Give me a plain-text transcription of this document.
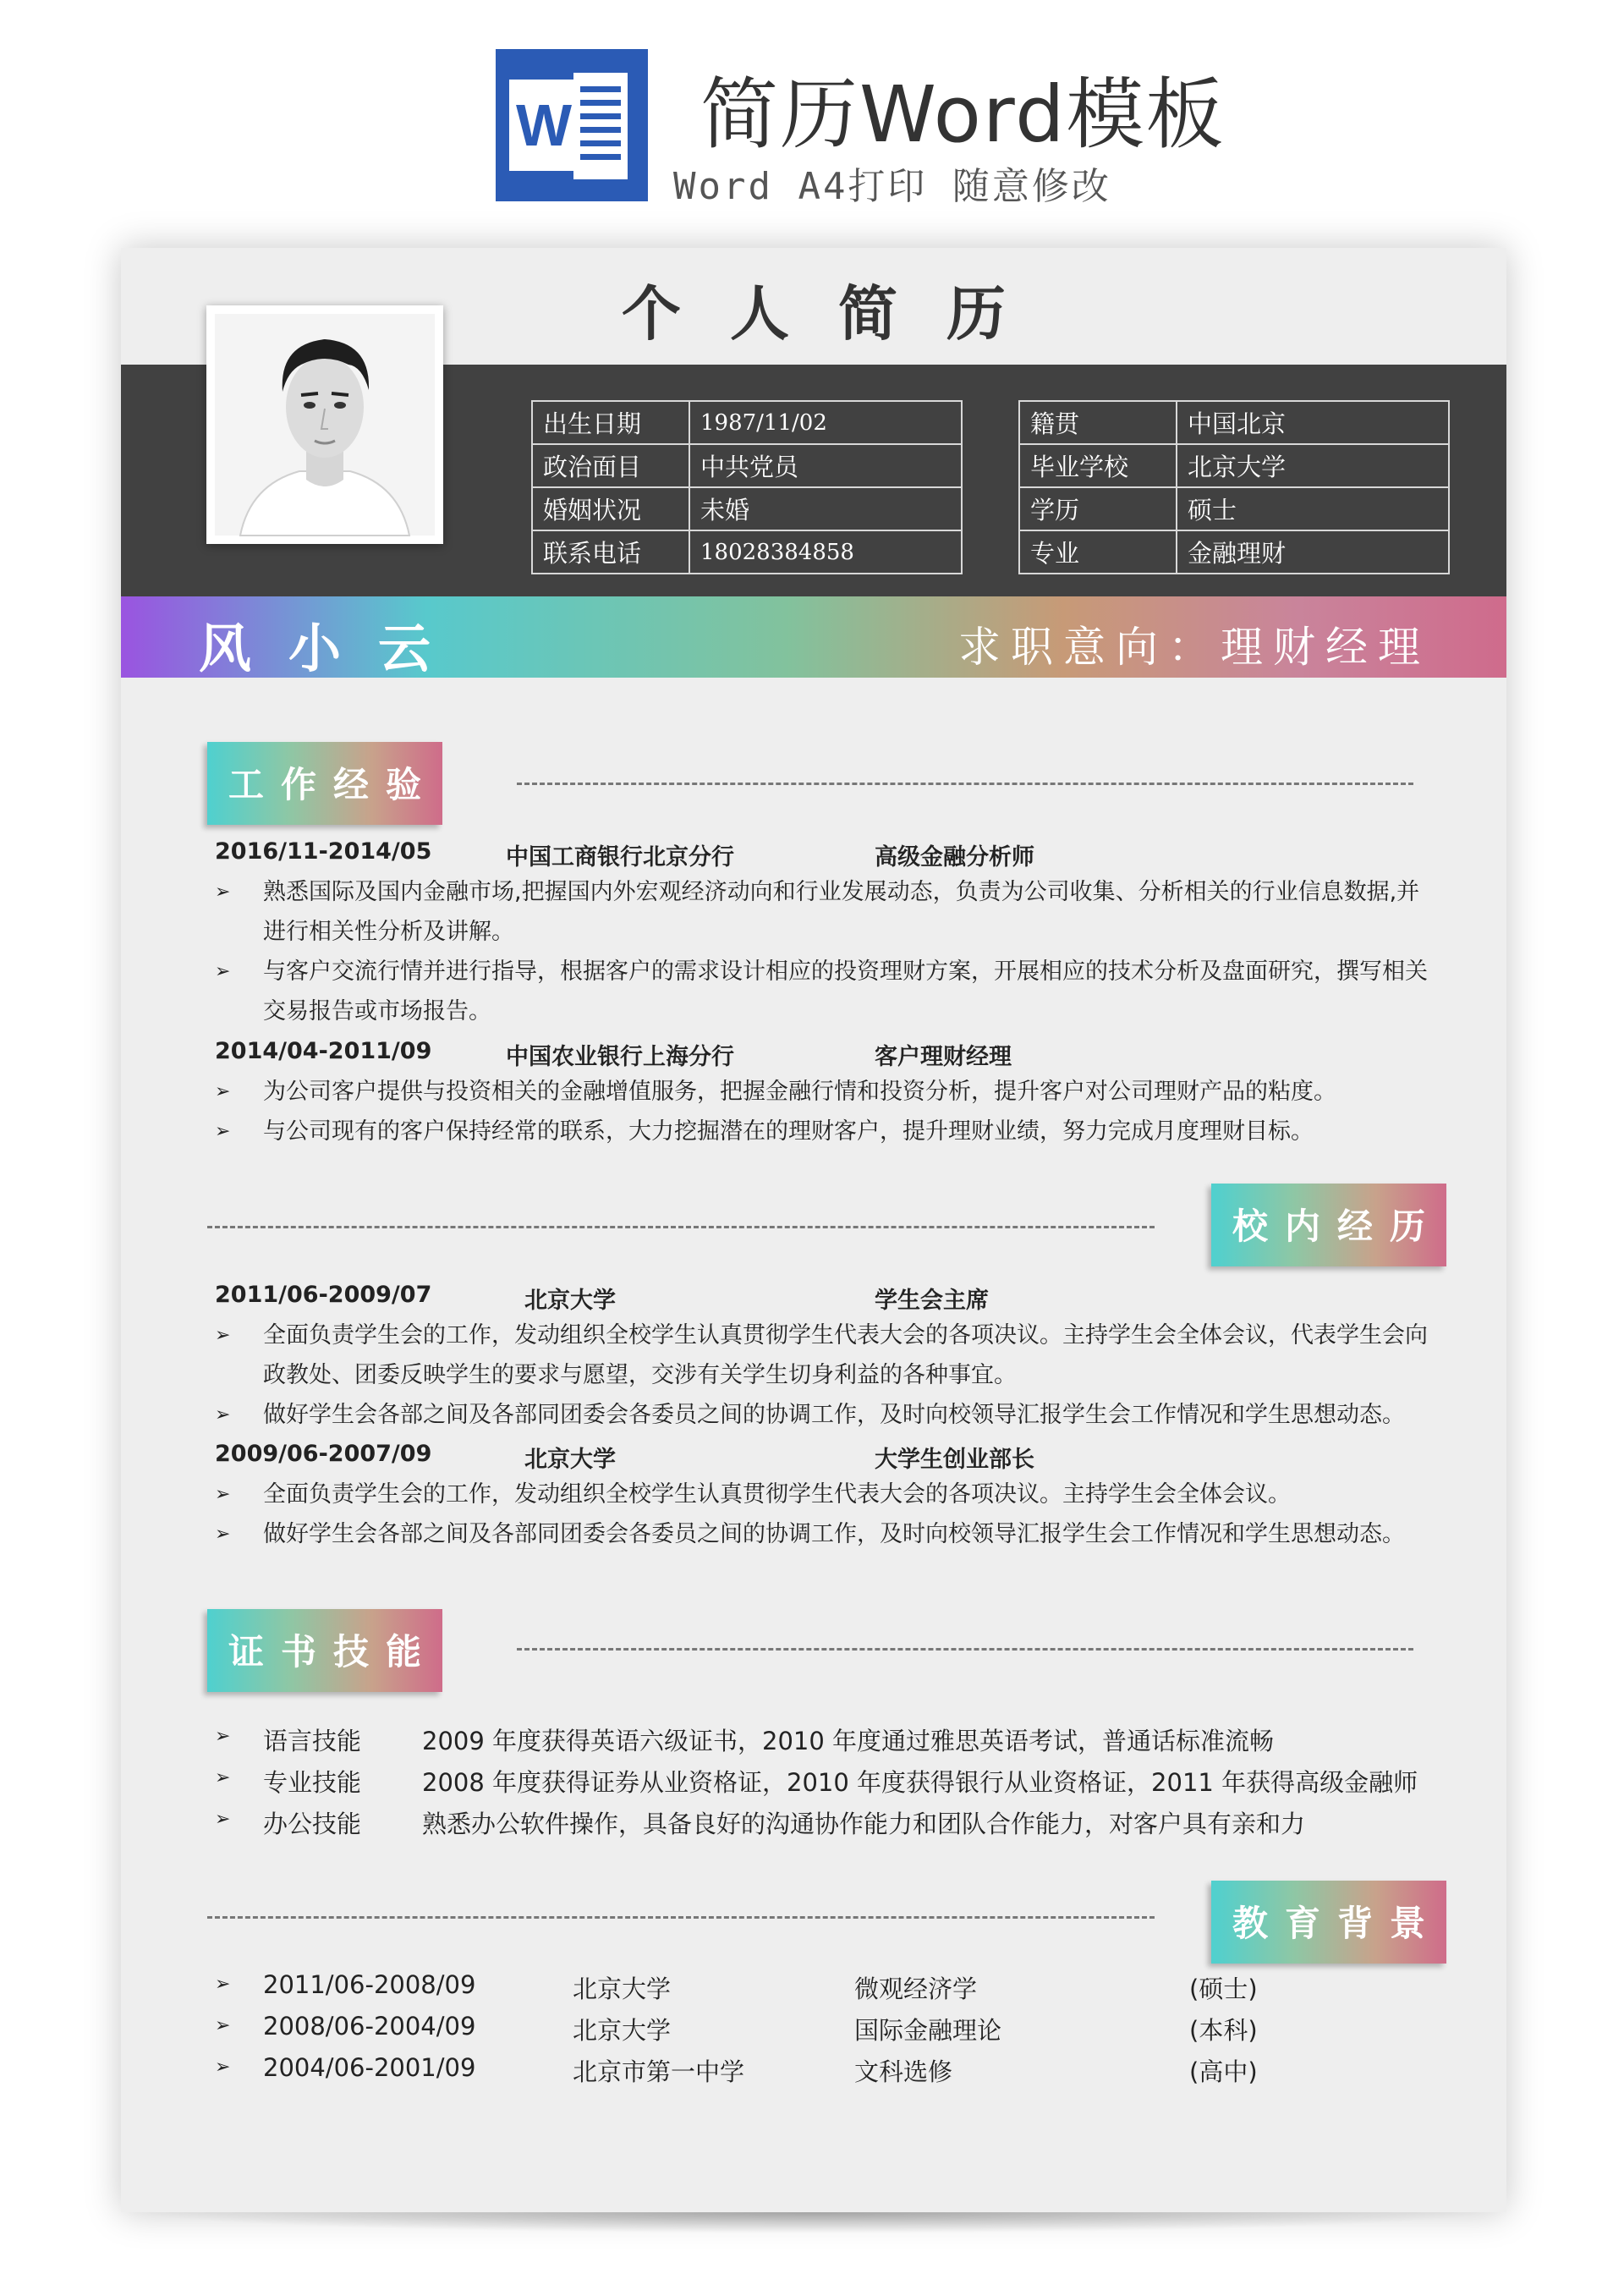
W 简历Word模板
Word A4打印 随意修改
个人简历
出生日期	1987/11/02
政治面目	中共党员
婚姻状况	未婚
联系电话	18028384858
籍贯	中国北京
毕业学校	北京大学
学历	硕士
专业	金融理财
风小云	求职意向：理财经理
工作经验
2016/11-2014/05	中国工商银行北京分行	高级金融分析师
➢ 熟悉国际及国内金融市场,把握国内外宏观经济动向和行业发展动态，负责为公司收集、分析相关的行业信息数据,并进行相关性分析及讲解。
➢ 与客户交流行情并进行指导，根据客户的需求设计相应的投资理财方案，开展相应的技术分析及盘面研究，撰写相关交易报告或市场报告。
2014/04-2011/09	中国农业银行上海分行	客户理财经理
➢ 为公司客户提供与投资相关的金融增值服务，把握金融行情和投资分析，提升客户对公司理财产品的粘度。
➢ 与公司现有的客户保持经常的联系，大力挖掘潜在的理财客户，提升理财业绩，努力完成月度理财目标。
校内经历
2011/06-2009/07	北京大学	学生会主席
➢ 全面负责学生会的工作，发动组织全校学生认真贯彻学生代表大会的各项决议。主持学生会全体会议，代表学生会向政教处、团委反映学生的要求与愿望，交涉有关学生切身利益的各种事宜。
➢ 做好学生会各部之间及各部同团委会各委员之间的协调工作，及时向校领导汇报学生会工作情况和学生思想动态。
2009/06-2007/09	北京大学	大学生创业部长
➢ 全面负责学生会的工作，发动组织全校学生认真贯彻学生代表大会的各项决议。主持学生会全体会议。
➢ 做好学生会各部之间及各部同团委会各委员之间的协调工作，及时向校领导汇报学生会工作情况和学生思想动态。
证书技能
➢ 语言技能 2009 年度获得英语六级证书，2010 年度通过雅思英语考试，普通话标准流畅
➢ 专业技能 2008 年度获得证券从业资格证，2010 年度获得银行从业资格证，2011 年获得高级金融师
➢ 办公技能 熟悉办公软件操作，具备良好的沟通协作能力和团队合作能力，对客户具有亲和力
教育背景
➢ 2011/06-2008/09	北京大学	微观经济学	(硕士)
➢ 2008/06-2004/09	北京大学	国际金融理论	(本科)
➢ 2004/06-2001/09	北京市第一中学	文科选修	(高中)
